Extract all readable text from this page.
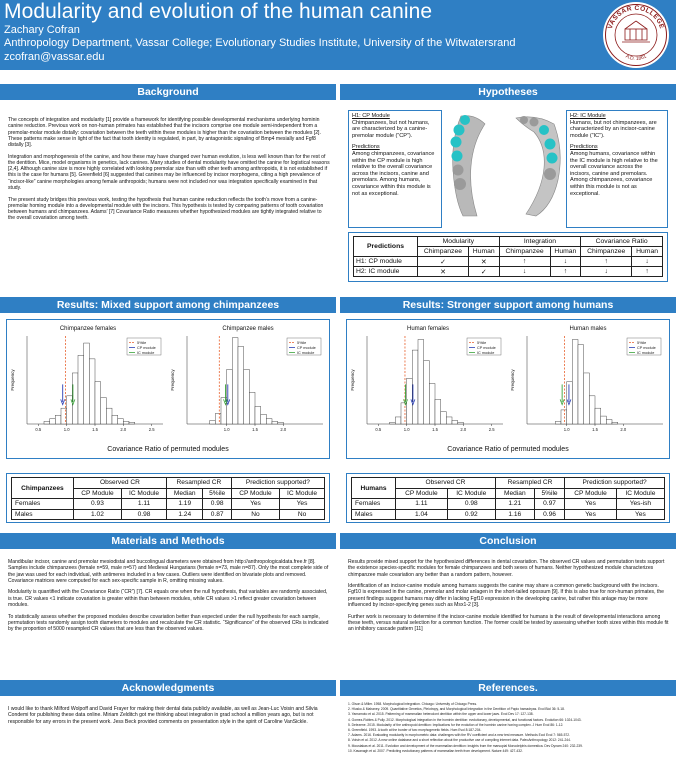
Modularity and evolution of the human canine
Zachary Cofran
Anthropology Department, Vassar College; Evolutionary Studies Institute, University of the Witwatersrand
zcofran@vassar.edu
VASSAR COLLEGE
A.D. 1861
Background

The concepts of integration and modularity [1] provide a framework for identifying possible developmental mechanisms underlying hominin canine reduction. Previous work on non-human primates has established that the incisors comprise one module semi-independent from a premolar-molar module distally: covariation between the teeth within these modules is higher than the covariation between the modules [2]. These patterns make sense in light of the fact that tooth identity is regulated, in part, by antagonistic signaling of Bmp4 mesially and Fgf8 distally [3].

Integration and morphogenesis of the canine, and how these may have changed over human evolution, is less well known than for the rest of the dentition. Mice, model organisms in genetics, lack canines. Many studies of dental modularity have omitted the canine for logistical reasons [2,4]. Although canine size is more highly correlated with looking premolar size than with other teeth among anthropoids, it is not established if this is the case for humans [5]. Greenfield [6] suggested that canines may be influenced by incisor morphogens, citing a high prevalence of “incisor-like” canine morphologies among female anthropoids; humans were not included nor was integration specifically examined in that study.

The present study bridges this previous work, testing the hypothesis that human canine reduction reflects the tooth’s move from a canine-premolar homing module into a developmental module with the incisors. This hypothesis is tested by comparing patterns of tooth covariation between humans and chimpanzees. Adams’ [7] Covariance Ratio measures whether hypothesized modules are tightly integrated relative to the overall covariation among teeth.

Hypotheses
H1: CP Module
Chimpanzees, but not humans, are characterized by a canine-premolar module (“CP”).
Predictions
Among chimpanzees, covariance within the CP module is high relative to the overall covariance across the incisors, canine and premolars. Among humans, covariance within this module is not as exceptional.
H2: IC Module
Humans, but not chimpanzees, are characterized by an incisor-canine module (“IC”).
Predictions
Among humans, covariance within the IC module is high relative to the overall covariance across the incisors, canine and premolars. Among chimpanzees, covariance within this module is not as exceptional.
Predictions	Modularity		Integration		Covariance Ratio	
	Chimpanzee	Human	Chimpanzee	Human	Chimpanzee	Human
H1: CP module	✓	✕	↑	↓	↑	↓
H2: IC module	✕	✓	↓	↑	↓	↑
Results: Mixed support among chimpanzees
Chimpanzee females
Frequency
0.5	1.0	1.5	2.0	2.5
5%ile
CP module
IC module
Chimpanzee males
Frequency
1.0	1.5	2.0
5%ile
CP module
IC module
Covariance Ratio of permuted modules
Chimpanzees	Observed CR		Resampled CR		Prediction supported?	
	CP Module	IC Module	Median	5%ile	CP Module	IC Module
Females	0.93	1.11	1.19	0.98	Yes	Yes
Males	1.02	0.98	1.24	0.87	No	No
Results: Stronger support among humans
Human females
Frequency
0.5	1.0	1.5	2.0	2.5
5%ile
CP module
IC module
Human males
Frequency
1.0	1.5	2.0
5%ile
CP module
IC module
Covariance Ratio of permuted modules
Humans	Observed CR		Resampled CR		Prediction supported?	
	CP Module	IC Module	Median	5%ile	CP Module	IC Module
Females	1.11	0.98	1.21	0.97	Yes	Yes-ish
Males	1.04	0.92	1.16	0.96	Yes	Yes
Materials and Methods

Mandibular incisor, canine and premolar mesiodistal and buccolingual diameters were obtained from http://anthropologicaldata.free.fr [8]. Samples include chimpanzees (female n=59, male n=57) and Medieval Hungarians (female n=73, male n=87). Only the most complete side of the jaw was used for each individual, with antimeres included in a few cases. Outliers were identified on bivariate plots and removed. Covariance matrices were computed for each sex-specific sample in R, omitting missing values.

Modularity is quantified with the Covariance Ratio (“CR”) [7]. CR equals one when the null hypothesis, that variables are randomly associated, is true. CR values <1 indicate covariation is greater within than between modules, while CR values >1 reflect greater covariation between modules.

To statistically assess whether the proposed modules describe covariation better than expected under the null hypothesis for each sample, permutation tests randomly assign tooth diameters to modules and recalculate the CR statistic. “Significance” of the observed CRs is indicated by the proportion of 5000 resampled CR values that are less than the observed values.

Acknowledgments

I would like to thank Milford Wolpoff and David Frayer for making their dental data publicly available, as well as Jean-Luc Voisin and Silvia Condemi for publishing these data online. Miriam Zelditch got me thinking about integration in grad school a million years ago, but is not responsible for any errors in the present work. Jess Beck provided comments on presentation style in the spirit of Caroline VanSickle.

Conclusion

Results provide mixed support for the hypothesized differences in dental covariation. The observed CR values and permutation tests support the existence species-specific modules for female chimpanzees and both sexes of humans. Neither hypothesized module characterizes chimpanzee male covariation any better than a random pattern, however.

Identification of an incisor-canine module among humans suggests the canine may share a common genetic background with the incisors. Fgf10 is expressed in the canine, premolar and molar anlagen in the short-tailed opossum [9]. If this is also true for non-human primates, the present findings suggest humans may differ in lacking Fgf10 expression in the developing canine, but rather this anlage may be more influenced by incisor-specifying genes such as Msx1-2 [3].

Further work is necessary to determine if the incisor-canine module identified for humans is the result of developmental interactions among these teeth, versus natural selection for a common function. The former could be tested by assessing whether tooth sizes within this module fit an inhibitory cascade pattern [11]

References.
1. Olson & Miller. 1958. Morphological integration. Chicago: University of Chicago Press.
2. Hlusko & Mahaney. 2009. Quantitative Genetics, Pleiotropy, and Morphological Integration in the Dentition of Papio hamadryas. Evol Biol 36: 5-18.
3. Yamamoto et al. 2015. Patterning of mammalian heterodont dentition within the upper and lower jaws. Evol Dev 17: 127-138.
4. Gomez-Robles & Polly. 2012. Morphological integration in the hominin dentition: evolutionary, developmental, and functional factors. Evolution 66: 1024-1043.
5. Delezene. 2015. Modularity of the anthropoid dentition: Implications for the evolution of the hominin canine honing complex. J Hum Evol 86: 1-12.
6. Greenfield. 1993. A tooth at the border of two morphogenetic fields. Hum Evol 8:187-204.
7. Adams. 2016. Evaluating modularity in morphometric data: challenges with the RV coefficient and a new test measure. Methods Ecol Evol 7: 565-572.
8. Voisin et al. 2012. A new online database and a short reflection about the productive use of compiling internet data. PaleoAnthropology 2012: 241-244.
9. Moustakas et al. 2011. Evolution and development of the mammalian dentition: insights from the marsupial Monodelphis domestica. Dev Dynam 240: 232-239.
10. Kavanagh et al. 2007. Predicting evolutionary patterns of mammalian teeth from development. Nature 449: 427-432.
